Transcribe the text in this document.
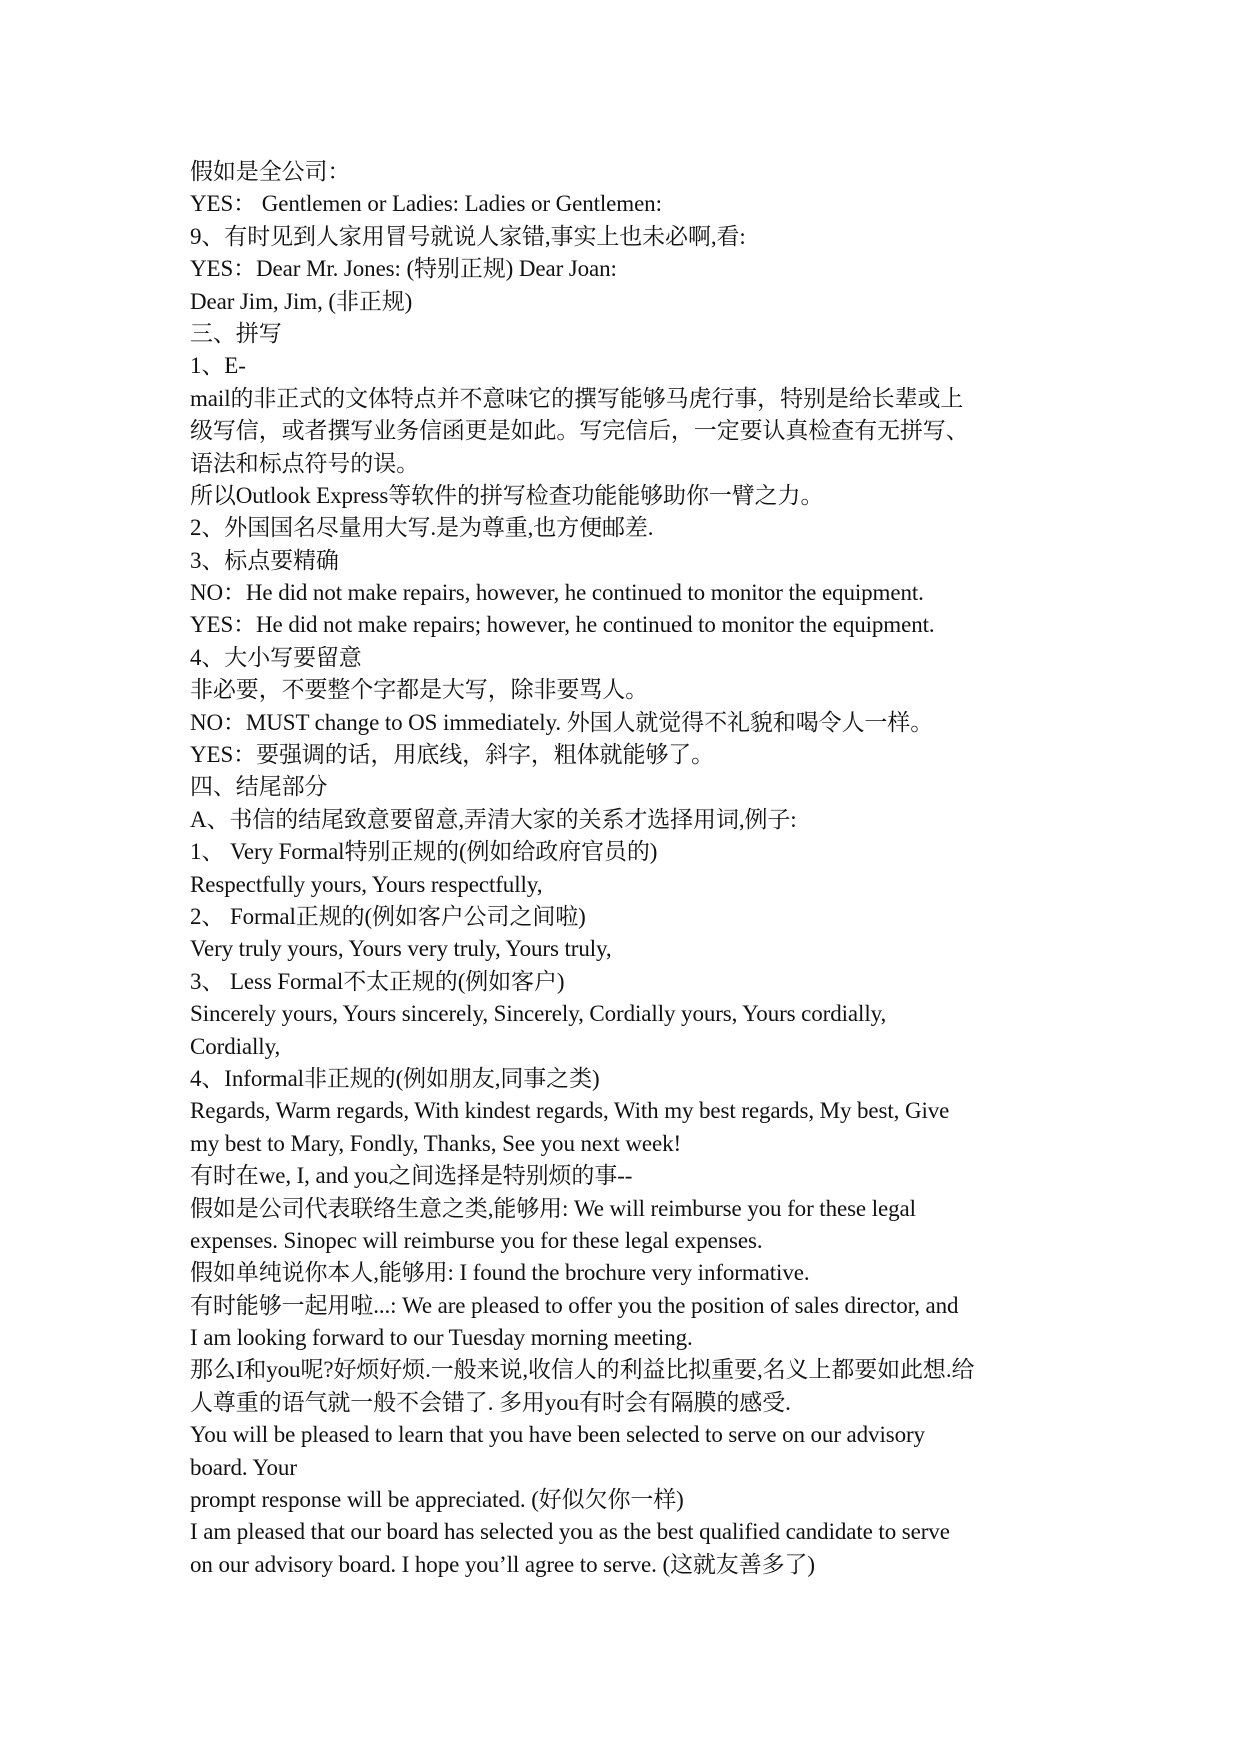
假如是全公司：
YES： Gentlemen or Ladies: Ladies or Gentlemen:
9、有时见到人家用冒号就说人家错,事实上也未必啊,看:
YES：Dear Mr. Jones: (特别正规) Dear Joan:
Dear Jim, Jim, (非正规)
三、拼写
1、E-
mail的非正式的文体特点并不意味它的撰写能够马虎行事，特别是给长辈或上
级写信，或者撰写业务信函更是如此。写完信后，一定要认真检查有无拼写、
语法和标点符号的误。
所以Outlook Express等软件的拼写检查功能能够助你一臂之力。
2、外国国名尽量用大写.是为尊重,也方便邮差.
3、标点要精确
NO：He did not make repairs, however, he continued to monitor the equipment.
YES：He did not make repairs; however, he continued to monitor the equipment.
4、大小写要留意
非必要，不要整个字都是大写，除非要骂人。
NO：MUST change to OS immediately. 外国人就觉得不礼貌和喝令人一样。
YES：要强调的话，用底线，斜字，粗体就能够了。
四、结尾部分
A、书信的结尾致意要留意,弄清大家的关系才选择用词,例子:
1、 Very Formal特别正规的(例如给政府官员的)
Respectfully yours, Yours respectfully,
2、 Formal正规的(例如客户公司之间啦)
Very truly yours, Yours very truly, Yours truly,
3、 Less Formal不太正规的(例如客户)
Sincerely yours, Yours sincerely, Sincerely, Cordially yours, Yours cordially,
Cordially,
4、Informal非正规的(例如朋友,同事之类)
Regards, Warm regards, With kindest regards, With my best regards, My best, Give
my best to Mary, Fondly, Thanks, See you next week!
有时在we, I, and you之间选择是特别烦的事--
假如是公司代表联络生意之类,能够用: We will reimburse you for these legal
expenses. Sinopec will reimburse you for these legal expenses.
假如单纯说你本人,能够用: I found the brochure very informative.
有时能够一起用啦...: We are pleased to offer you the position of sales director, and
I am looking forward to our Tuesday morning meeting.
那么I和you呢?好烦好烦.一般来说,收信人的利益比拟重要,名义上都要如此想.给
人尊重的语气就一般不会错了. 多用you有时会有隔膜的感受.
You will be pleased to learn that you have been selected to serve on our advisory
board. Your
prompt response will be appreciated. (好似欠你一样)
I am pleased that our board has selected you as the best qualified candidate to serve
on our advisory board. I hope you’ll agree to serve. (这就友善多了)
